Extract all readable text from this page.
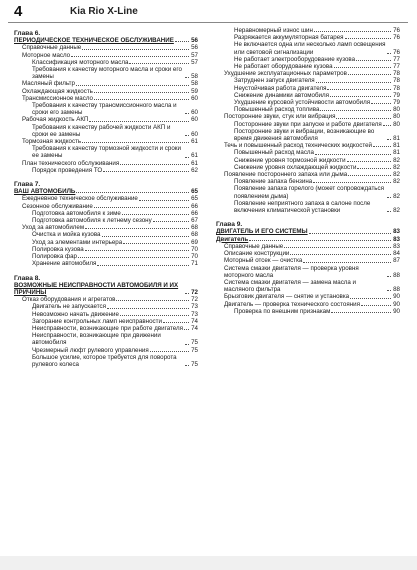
4	Kia Rio X-Line
Глава 6.
ПЕРИОДИЧЕСКОЕ ТЕХНИЧЕСКОЕ ОБСЛУЖИВАНИЕ	56
Справочные данные	56
Моторное масло	57
Классификация моторного масла	57
Требования к качеству моторного масла и сроки его замены	58
Масляный фильтр	58
Охлаждающая жидкость	59
Трансмиссионное масло	60
Требования к качеству трансмиссионного масла и сроки его замены	60
Рабочая жидкость АКП	60
Требования к качеству рабочей жидкости АКП и сроки ее замены	60
Тормозная жидкость	61
Требования к качеству тормозной жидкости и сроки ее замены	61
План технического обслуживания	61
Порядок проведения ТО	62
Глава 7.
ВАШ АВТОМОБИЛЬ	65
Ежедневное техническое обслуживание	65
Сезонное обслуживание	66
Подготовка автомобиля к зиме	66
Подготовка автомобиля к летнему сезону	67
Уход за автомобилем	68
Очистка и мойка кузова	68
Уход за элементами интерьера	69
Полировка кузова	70
Полировка фар	70
Хранение автомобиля	71
Глава 8.
ВОЗМОЖНЫЕ НЕИСПРАВНОСТИ АВТОМОБИЛЯ И ИХ ПРИЧИНЫ	72
Отказ оборудования и агрегатов	72
Двигатель не запускается	73
Невозможно начать движение	73
Загорание контрольных ламп неисправности	74
Неисправности, возникающие при работе двигателя 74
Неисправности, возникающие при движении автомобиля	75
Чрезмерный люфт рулевого управления	75
Большое усилие, которое требуется для поворота рулевого колеса	75
Неравномерный износ шин	76
Разряжается аккумуляторная батарея	76
Не включается одна или несколько ламп освещения или световой сигнализации	76
Не работает электрооборудование кузова	77
Не работает оборудование кузова	77
Ухудшение эксплуатационных параметров	78
Затруднен запуск двигателя	78
Неустойчивая работа двигателя	78
Снижение динамики автомобиля	79
Ухудшение курсовой устойчивости автомобиля	79
Повышенный расход топлива	80
Посторонние звуки, стук или вибрация	80
Посторонние звуки при запуске и работе двигателя 80
Посторонние звуки и вибрации, возникающие во время движения автомобиля	81
Течь и повышенный расход технических жидкостей	81
Повышенный расход масла	81
Снижение уровня тормозной жидкости	82
Снижение уровня охлаждающей жидкости	82
Появление постороннего запаха или дыма	82
Появление запаха бензина	82
Появление запаха горелого (может сопровождаться появлением дыма)	82
Появление неприятного запаха в салоне после включения климатической установки	82
Глава 9.
ДВИГАТЕЛЬ И ЕГО СИСТЕМЫ	83
Двигатель	83
Справочные данные	83
Описание конструкции	84
Моторный отсек — очистка	87
Система смазки двигателя — проверка уровня моторного масла	88
Система смазки двигателя — замена масла и масляного фильтра	88
Брызговик двигателя — снятие и установка	90
Двигатель — проверка технического состояния	90
Проверка по внешним признакам	90
